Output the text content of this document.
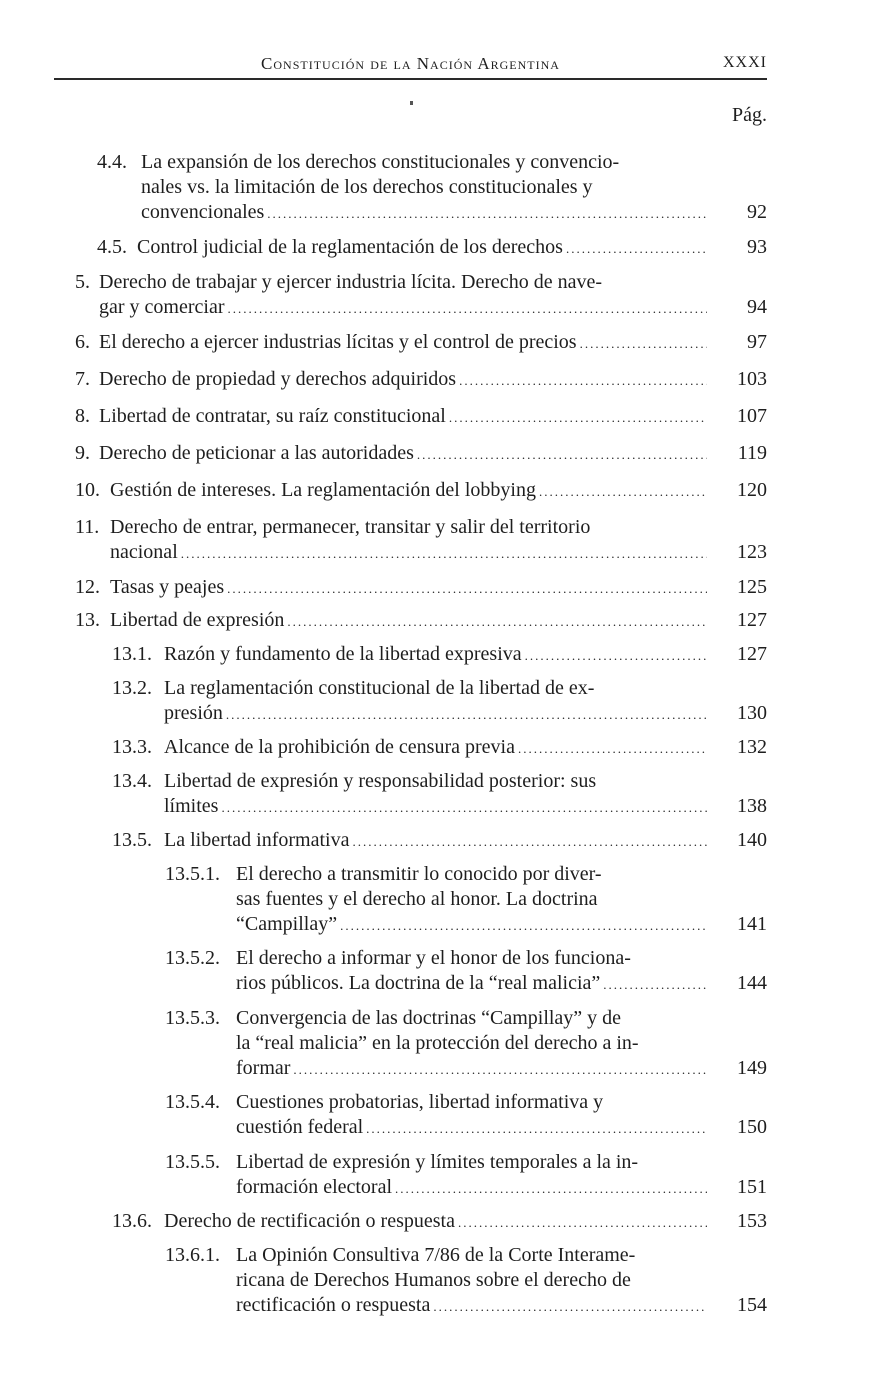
Constitución de la Nación Argentina	XXXI
Pág.
4.4. La expansión de los derechos constitucionales y convencio-
nales vs. la limitación de los derechos constitucionales y
convencionales .....	92
4.5. Control judicial de la reglamentación de los derechos .....	93
5. Derecho de trabajar y ejercer industria lícita. Derecho de nave-
gar y comerciar .....	94
6. El derecho a ejercer industrias lícitas y el control de precios .....	97
7. Derecho de propiedad y derechos adquiridos .....	103
8. Libertad de contratar, su raíz constitucional .....	107
9. Derecho de peticionar a las autoridades .....	119
10. Gestión de intereses. La reglamentación del lobbying .....	120
11. Derecho de entrar, permanecer, transitar y salir del territorio
nacional .....	123
12. Tasas y peajes .....	125
13. Libertad de expresión .....	127
13.1. Razón y fundamento de la libertad expresiva .....	127
13.2. La reglamentación constitucional de la libertad de ex-
presión .....	130
13.3. Alcance de la prohibición de censura previa .....	132
13.4. Libertad de expresión y responsabilidad posterior: sus
límites .....	138
13.5. La libertad informativa .....	140
13.5.1. El derecho a transmitir lo conocido por diver-
sas fuentes y el derecho al honor. La doctrina
“Campillay” .....	141
13.5.2. El derecho a informar y el honor de los funciona-
rios públicos. La doctrina de la “real malicia” .....	144
13.5.3. Convergencia de las doctrinas “Campillay” y de
la “real malicia” en la protección del derecho a in-
formar .....	149
13.5.4. Cuestiones probatorias, libertad informativa y
cuestión federal .....	150
13.5.5. Libertad de expresión y límites temporales a la in-
formación electoral .....	151
13.6. Derecho de rectificación o respuesta .....	153
13.6.1. La Opinión Consultiva 7/86 de la Corte Interame-
ricana de Derechos Humanos sobre el derecho de
rectificación o respuesta .....	154
